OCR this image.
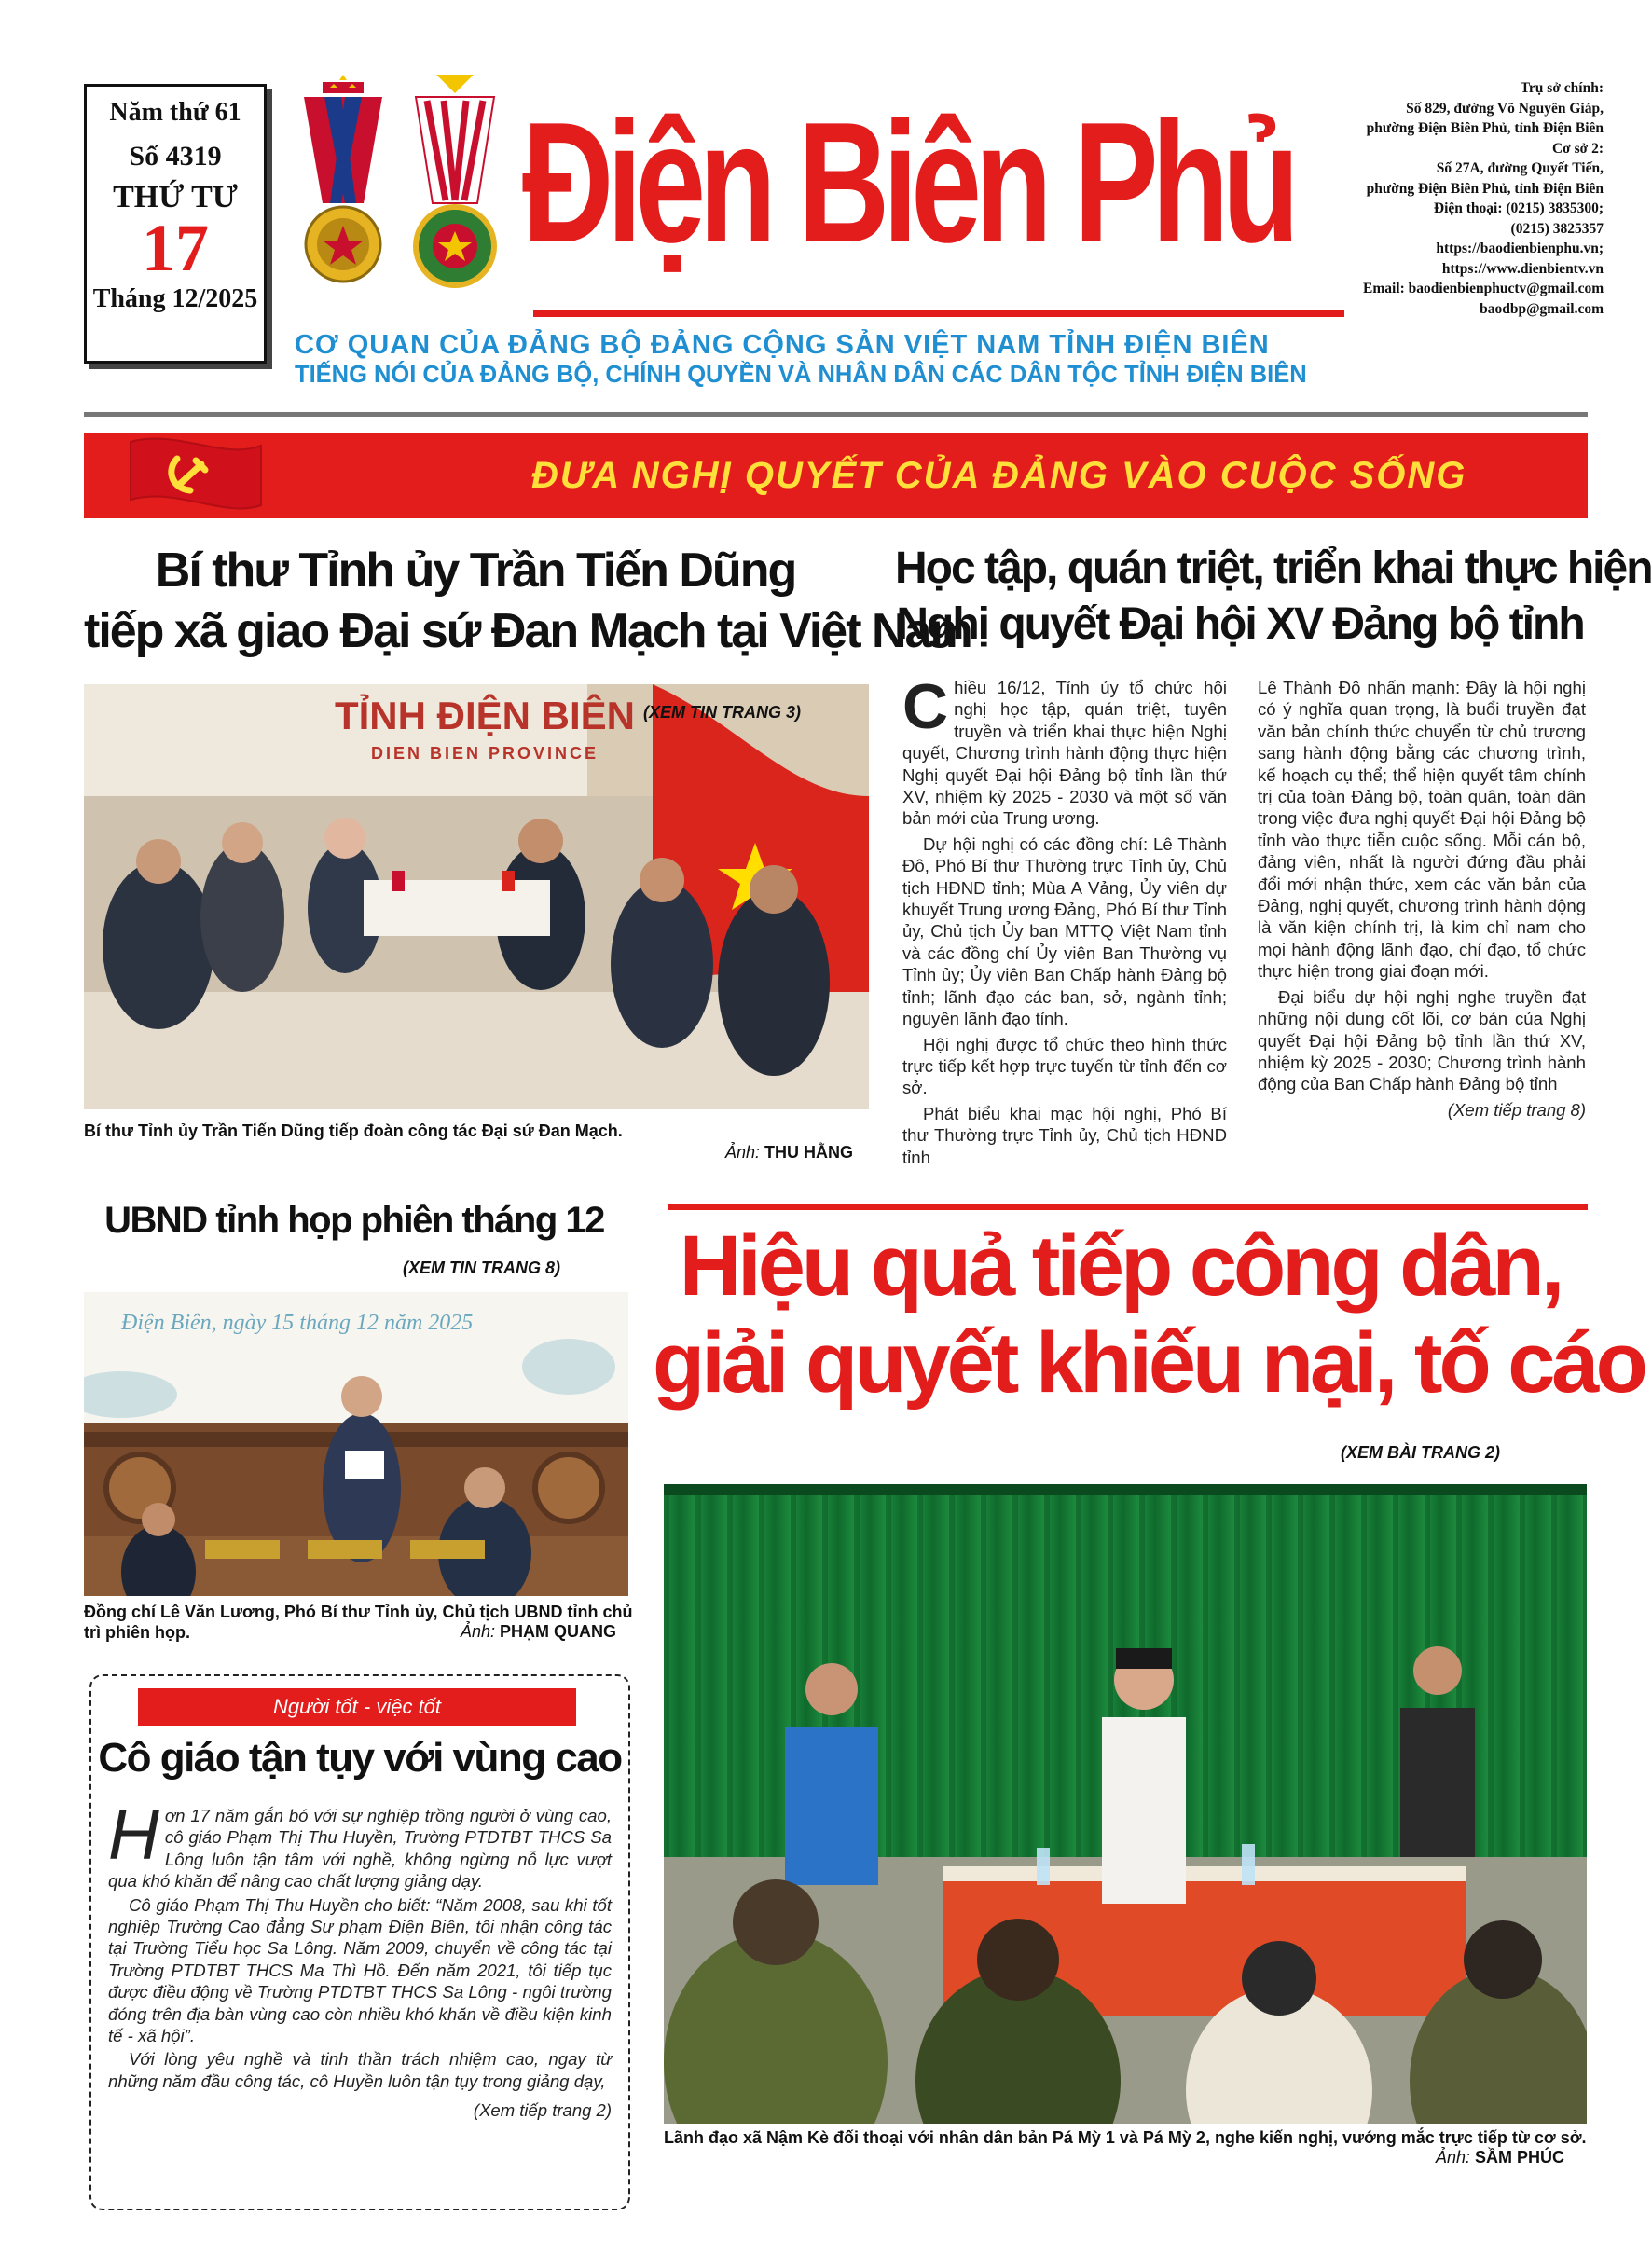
Năm thứ 61
Số 4319
THỨ TƯ
17
Tháng 12/2025
Điện Biên Phủ
CƠ QUAN CỦA ĐẢNG BỘ ĐẢNG CỘNG SẢN VIỆT NAM TỈNH ĐIỆN BIÊN
TIẾNG NÓI CỦA ĐẢNG BỘ, CHÍNH QUYỀN VÀ NHÂN DÂN CÁC DÂN TỘC TỈNH ĐIỆN BIÊN
Trụ sở chính:
Số 829, đường Võ Nguyên Giáp,
phường Điện Biên Phủ, tỉnh Điện Biên
Cơ sở 2:
Số 27A, đường Quyết Tiến,
phường Điện Biên Phủ, tỉnh Điện Biên
Điện thoại: (0215) 3835300;
(0215) 3825357
https://baodienbienphu.vn;
https://www.dienbientv.vn
Email: baodienbienphuctv@gmail.com
baodbp@gmail.com
ĐƯA NGHỊ QUYẾT CỦA ĐẢNG VÀO CUỘC SỐNG
Bí thư Tỉnh ủy Trần Tiến Dũng
tiếp xã giao Đại sứ Đan Mạch tại Việt Nam
TỈNH ĐIỆN BIÊN
DIEN BIEN PROVINCE
(XEM TIN TRANG 3)
Bí thư Tỉnh ủy Trần Tiến Dũng tiếp đoàn công tác Đại sứ Đan Mạch.
Ảnh: THU HẰNG
Học tập, quán triệt, triển khai thực hiện
Nghị quyết Đại hội XV Đảng bộ tỉnh

Chiều 16/12, Tỉnh ủy tổ chức hội nghị học tập, quán triệt, tuyên truyền và triển khai thực hiện Nghị quyết, Chương trình hành động thực hiện Nghị quyết Đại hội Đảng bộ tỉnh lần thứ XV, nhiệm kỳ 2025 - 2030 và một số văn bản mới của Trung ương.

Dự hội nghị có các đồng chí: Lê Thành Đô, Phó Bí thư Thường trực Tỉnh ủy, Chủ tịch HĐND tỉnh; Mùa A Vảng, Ủy viên dự khuyết Trung ương Đảng, Phó Bí thư Tỉnh ủy, Chủ tịch Ủy ban MTTQ Việt Nam tỉnh và các đồng chí Ủy viên Ban Thường vụ Tỉnh ủy; Ủy viên Ban Chấp hành Đảng bộ tỉnh; lãnh đạo các ban, sở, ngành tỉnh; nguyên lãnh đạo tỉnh.

Hội nghị được tổ chức theo hình thức trực tiếp kết hợp trực tuyến từ tỉnh đến cơ sở.

Phát biểu khai mạc hội nghị, Phó Bí thư Thường trực Tỉnh ủy, Chủ tịch HĐND tỉnh

Lê Thành Đô nhấn mạnh: Đây là hội nghị có ý nghĩa quan trọng, là buổi truyền đạt văn bản chính thức chuyển từ chủ trương sang hành động bằng các chương trình, kế hoạch cụ thể; thể hiện quyết tâm chính trị của toàn Đảng bộ, toàn quân, toàn dân trong việc đưa nghị quyết Đại hội Đảng bộ tỉnh vào thực tiễn cuộc sống. Mỗi cán bộ, đảng viên, nhất là người đứng đầu phải đổi mới nhận thức, xem các văn bản của Đảng, nghị quyết, chương trình hành động là văn kiện chính trị, là kim chỉ nam cho mọi hành động lãnh đạo, chỉ đạo, tổ chức thực hiện trong giai đoạn mới.

Đại biểu dự hội nghị nghe truyền đạt những nội dung cốt lõi, cơ bản của Nghị quyết Đại hội Đảng bộ tỉnh lần thứ XV, nhiệm kỳ 2025 - 2030; Chương trình hành động của Ban Chấp hành Đảng bộ tỉnh

(Xem tiếp trang 8)
UBND tỉnh họp phiên tháng 12
(XEM TIN TRANG 8)
Điện Biên, ngày 15 tháng 12 năm 2025
Đồng chí Lê Văn Lương, Phó Bí thư Tỉnh ủy, Chủ tịch UBND tỉnh chủ trì phiên họp.	Ảnh: PHẠM QUANG
Hiệu quả tiếp công dân,
giải quyết khiếu nại, tố cáo
(XEM BÀI TRANG 2)
Lãnh đạo xã Nậm Kè đối thoại với nhân dân bản Pá Mỳ 1 và Pá Mỳ 2, nghe kiến nghị, vướng mắc trực tiếp từ cơ sở.
Ảnh: SẦM PHÚC
Người tốt - việc tốt
Cô giáo tận tụy với vùng cao

Hơn 17 năm gắn bó với sự nghiệp trồng người ở vùng cao, cô giáo Phạm Thị Thu Huyền, Trường PTDTBT THCS Sa Lông luôn tận tâm với nghề, không ngừng nỗ lực vượt qua khó khăn để nâng cao chất lượng giảng dạy.

Cô giáo Phạm Thị Thu Huyền cho biết: “Năm 2008, sau khi tốt nghiệp Trường Cao đẳng Sư phạm Điện Biên, tôi nhận công tác tại Trường Tiểu học Sa Lông. Năm 2009, chuyển về công tác tại Trường PTDTBT THCS Ma Thì Hồ. Đến năm 2021, tôi tiếp tục được điều động về Trường PTDTBT THCS Sa Lông - ngôi trường đóng trên địa bàn vùng cao còn nhiều khó khăn về điều kiện kinh tế - xã hội”.

Với lòng yêu nghề và tinh thần trách nhiệm cao, ngay từ những năm đầu công tác, cô Huyền luôn tận tụy trong giảng dạy,

(Xem tiếp trang 2)
